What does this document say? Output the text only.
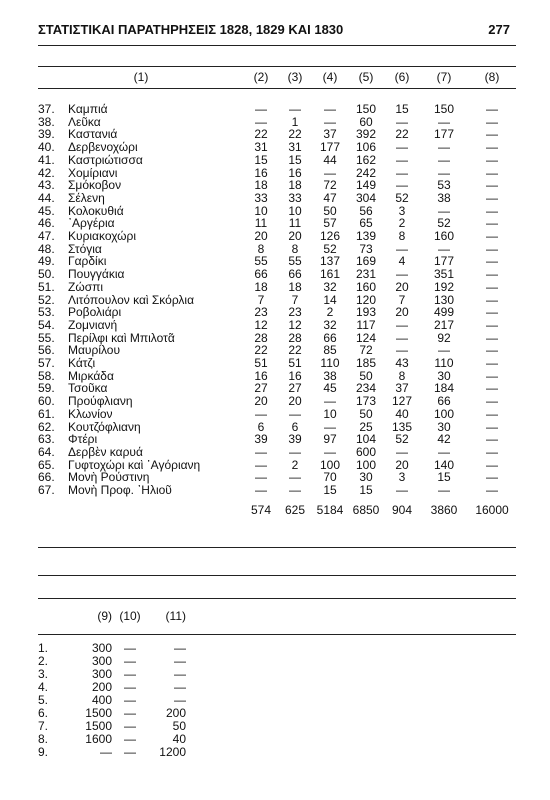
ΣΤΑΤΙΣΤΙΚΑΙ ΠΑΡΑΤΗΡΗΣΕΙΣ 1828, 1829 ΚΑΙ 1830	277
(1)		(2)	(3)	(4)	(5)	(6)	(7)	(8)

37.	Καμπιά	—	—	—	150	15	150	—
38.	Λεῦκα	—	1	—	60	—	—	—
39.	Καστανιά	22	22	37	392	22	177	—
40.	Δερβενοχώρι	31	31	177	106	—	—	—
41.	Καστριώτισσα	15	15	44	162	—	—	—
42.	Χομίριανι	16	16	—	242	—	—	—
43.	Σμόκοβον	18	18	72	149	—	53	—
44.	Σέλενη	33	33	47	304	52	38	—
45.	Κολοκυθιά	10	10	50	56	3	—	—
46.	᾿Αργέρια	11	11	57	65	2	52	—
47.	Κυριακοχώρι	20	20	126	139	8	160	—
48.	Στόγια	8	8	52	73	—	—	—
49.	Γαρδίκι	55	55	137	169	4	177	—
50.	Πουγγάκια	66	66	161	231	—	351	—
51.	Ζώσπι	18	18	32	160	20	192	—
52.	Λιτόπουλον καὶ Σκόρλια	7	7	14	120	7	130	—
53.	Ροβολιάρι	23	23	2	193	20	499	—
54.	Ζομνιανή	12	12	32	117	—	217	—
55.	Περίλφι καὶ Μπιλοτᾶ	28	28	66	124	—	92	—
56.	Μαυρίλου	22	22	85	72	—	—	—
57.	Κάτζι	51	51	110	185	43	110	—
58.	Μιρκάδα	16	16	38	50	8	30	—
59.	Τσοῦκα	27	27	45	234	37	184	—
60.	Προύφλιανη	20	20	—	173	127	66	—
61.	Κλωνίον	—	—	10	50	40	100	—
62.	Κουτζόφλιανη	6	6	—	25	135	30	—
63.	Φτέρι	39	39	97	104	52	42	—
64.	Δερβὲν καρυά	—	—	—	600	—	—	—
65.	Γυφτοχώρι καὶ ᾿Αγόριανη	—	2	100	100	20	140	—
66.	Μονὴ Ρούστινη	—	—	70	30	3	15	—
67.	Μονὴ Προφ. ᾿Ηλιοῦ	—	—	15	15	—	—	—
		574	625	5184	6850	904	3860	16000
	(9)	(10)	(11)
1.	300	—	—
2.	300	—	—
3.	300	—	—
4.	200	—	—
5.	400	—	—
6.	1500	—	200
7.	1500	—	50
8.	1600	—	40
9.	—	—	1200
